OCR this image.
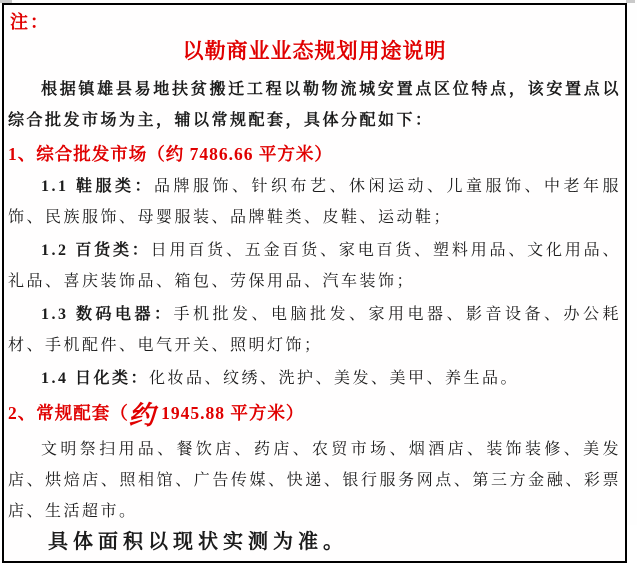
注：

以勒商业业态规划用途说明

根据镇雄县易地扶贫搬迁工程以勒物流城安置点区位特点，该安置点以综合批发市场为主，辅以常规配套，具体分配如下：

1、综合批发市场（约 7486.66 平方米）

1.1 鞋服类：品牌服饰、针织布艺、休闲运动、儿童服饰、中老年服饰、民族服饰、母婴服装、品牌鞋类、皮鞋、运动鞋；

1.2 百货类：日用百货、五金百货、家电百货、塑料用品、文化用品、礼品、喜庆装饰品、箱包、劳保用品、汽车装饰；

1.3 数码电器：手机批发、电脑批发、家用电器、影音设备、办公耗材、手机配件、电气开关、照明灯饰；

1.4 日化类：化妆品、纹绣、洗护、美发、美甲、养生品。

2、常规配套（约 1945.88 平方米）

文明祭扫用品、餐饮店、药店、农贸市场、烟酒店、装饰装修、美发店、烘焙店、照相馆、广告传媒、快递、银行服务网点、第三方金融、彩票店、生活超市。

具体面积以现状实测为准。
